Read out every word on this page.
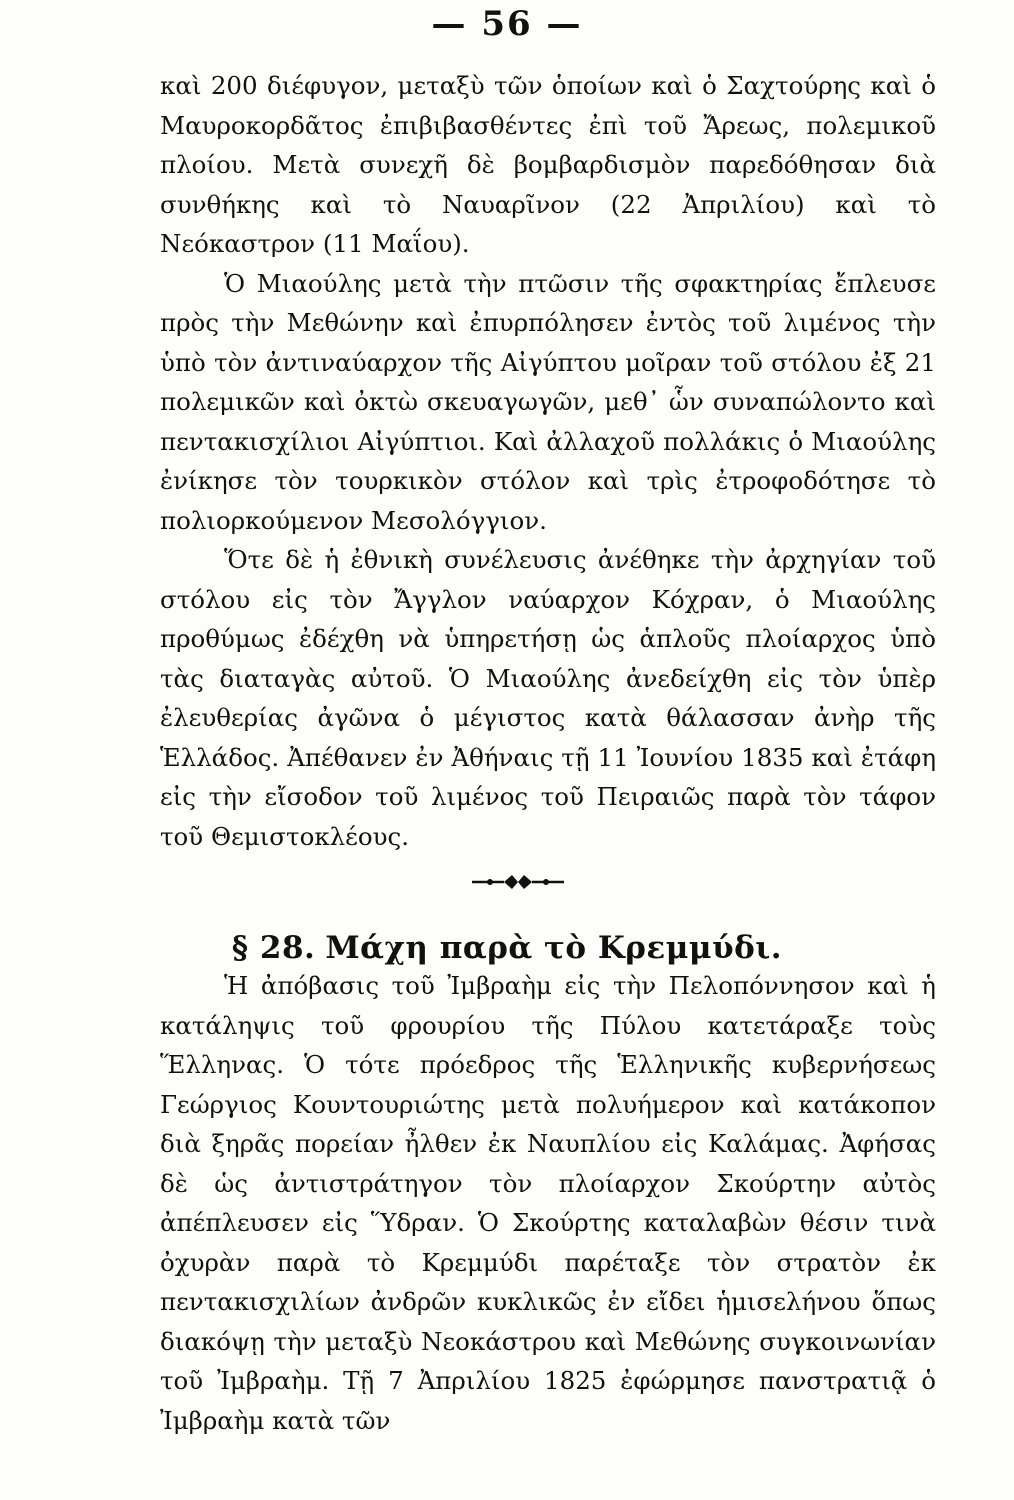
— 56 —

καὶ 200 διέφυγον, μεταξὺ τῶν ὁποίων καὶ ὁ Σαχτούρης καὶ ὁ Μαυροκορδᾶτος ἐπιβιβασθέντες ἐπὶ τοῦ Ἄρεως, πολεμικοῦ πλοίου. Μετὰ συνεχῆ δὲ βομβαρδισμὸν παρεδόθησαν διὰ συνθήκης καὶ τὸ Ναυαρῖνον (22 Ἀπριλίου) καὶ τὸ Νεόκαστρον (11 Μαΐου).

Ὁ Μιαούλης μετὰ τὴν πτῶσιν τῆς σφακτηρίας ἔπλευσε πρὸς τὴν Μεθώνην καὶ ἐπυρπόλησεν ἐντὸς τοῦ λιμένος τὴν ὑπὸ τὸν ἀντιναύαρχον τῆς Αἰγύπτου μοῖραν τοῦ στόλου ἐξ 21 πολεμικῶν καὶ ὀκτὼ σκευαγωγῶν, μεθ᾽ ὧν συναπώλοντο καὶ πεντακισχίλιοι Αἰγύπτιοι. Καὶ ἀλλαχοῦ πολλάκις ὁ Μιαούλης ἐνίκησε τὸν τουρκικὸν στόλον καὶ τρὶς ἐτροφοδότησε τὸ πολιορκούμενον Μεσολόγγιον.

Ὅτε δὲ ἡ ἐθνικὴ συνέλευσις ἀνέθηκε τὴν ἀρχηγίαν τοῦ στόλου εἰς τὸν Ἄγγλον ναύαρχον Κόχραν, ὁ Μιαούλης προθύμως ἐδέχθη νὰ ὑπηρετήσῃ ὡς ἁπλοῦς πλοίαρχος ὑπὸ τὰς διαταγὰς αὐτοῦ. Ὁ Μιαούλης ἀνεδείχθη εἰς τὸν ὑπὲρ ἐλευθερίας ἀγῶνα ὁ μέγιστος κατὰ θάλασσαν ἀνὴρ τῆς Ἑλλάδος. Ἀπέθανεν ἐν Ἀθήναις τῇ 11 Ἰουνίου 1835 καὶ ἐτάφη εἰς τὴν εἴσοδον τοῦ λιμένος τοῦ Πειραιῶς παρὰ τὸν τάφον τοῦ Θεμιστοκλέους.

§ 28. Μάχη παρὰ τὸ Κρεμμύδι.

Ἡ ἀπόβασις τοῦ Ἰμβραὴμ εἰς τὴν Πελοπόννησον καὶ ἡ κατάληψις τοῦ φρουρίου τῆς Πύλου κατετάραξε τοὺς Ἕλληνας. Ὁ τότε πρόεδρος τῆς Ἑλληνικῆς κυβερνήσεως Γεώργιος Κουντουριώτης μετὰ πολυήμερον καὶ κατάκοπον διὰ ξηρᾶς πορείαν ἦλθεν ἐκ Ναυπλίου εἰς Καλάμας. Ἀφήσας δὲ ὡς ἀντιστράτηγον τὸν πλοίαρχον Σκούρτην αὐτὸς ἀπέπλευσεν εἰς Ὕδραν. Ὁ Σκούρτης καταλαβὼν θέσιν τινὰ ὀχυρὰν παρὰ τὸ Κρεμμύδι παρέταξε τὸν στρατὸν ἐκ πεντακισχιλίων ἀνδρῶν κυκλικῶς ἐν εἴδει ἡμισελήνου ὅπως διακόψῃ τὴν μεταξὺ Νεοκάστρου καὶ Μεθώνης συγκοινωνίαν τοῦ Ἰμβραὴμ. Τῇ 7 Ἀπριλίου 1825 ἐφώρμησε πανστρατιᾷ ὁ Ἰμβραὴμ κατὰ τῶν
